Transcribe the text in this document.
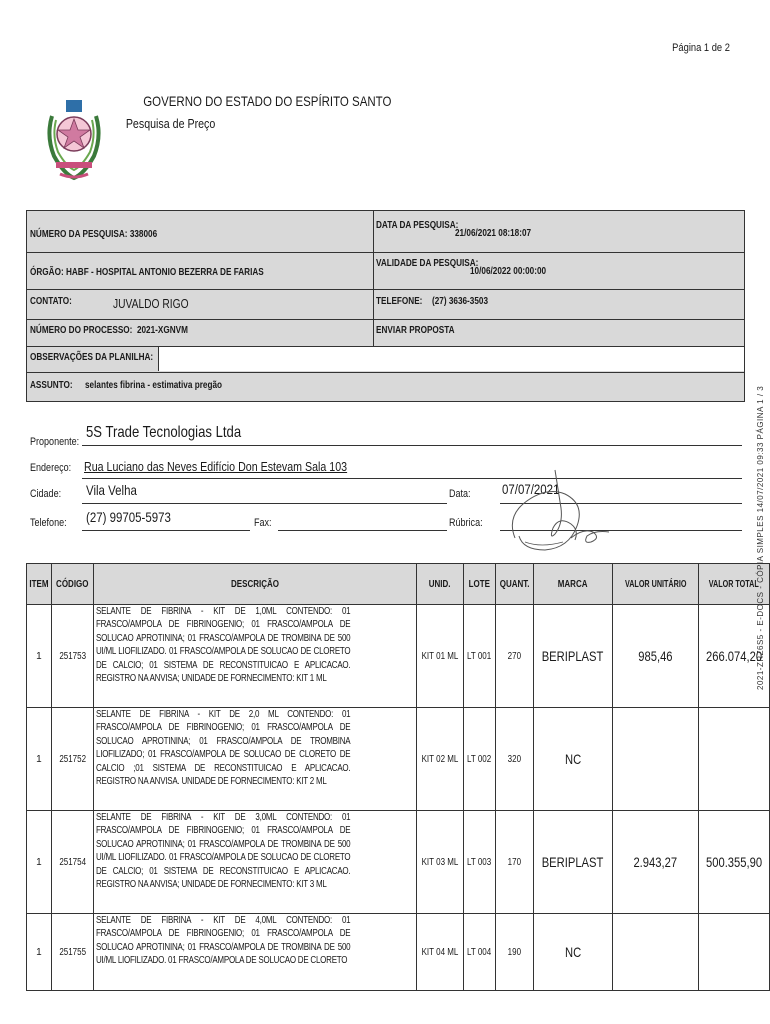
Página 1 de 2
GOVERNO DO ESTADO DO ESPÍRITO SANTO
Pesquisa de Preço
NÚMERO DA PESQUISA: 338006
DATA DA PESQUISA:
21/06/2021 08:18:07
ÓRGÃO: HABF - HOSPITAL ANTONIO BEZERRA DE FARIAS
VALIDADE DA PESQUISA:
10/06/2022 00:00:00
CONTATO:	JUVALDO RIGO	TELEFONE: (27) 3636-3503
NÚMERO DO PROCESSO: 2021-XGNVM	ENVIAR PROPOSTA
OBSERVAÇÕES DA PLANILHA:
ASSUNTO: selantes fibrina - estimativa pregão
Proponente:
5S Trade Tecnologias Ltda
Endereço: Rua Luciano das Neves Edifício Don Estevam Sala 103
Cidade: Vila Velha	Data: 07/07/2021
Telefone: (27) 99705-5973	Fax:	Rúbrica:
ITEM	CÓDIGO	DESCRIÇÃO	UNID.	LOTE	QUANT.	MARCA	VALOR UNITÁRIO	VALOR TOTAL
1	251753	SELANTE DE FIBRINA - KIT DE 1,0ML CONTENDO: 01 FRASCO/AMPOLA DE FIBRINOGENIO; 01 FRASCO/AMPOLA DE SOLUCAO APROTININA; 01 FRASCO/AMPOLA DE TROMBINA DE 500 UI/ML LIOFILIZADO. 01 FRASCO/AMPOLA DE SOLUCAO DE CLORETO DE CALCIO; 01 SISTEMA DE RECONSTITUICAO E APLICACAO. REGISTRO NA ANVISA; UNIDADE DE FORNECIMENTO: KIT 1 ML	KIT 01 ML	LT 001	270	BERIPLAST	985,46	266.074,20
1	251752	SELANTE DE FIBRINA - KIT DE 2,0 ML CONTENDO: 01 FRASCO/AMPOLA DE FIBRINOGENIO; 01 FRASCO/AMPOLA DE SOLUCAO APROTININA; 01 FRASCO/AMPOLA DE TROMBINA LIOFILIZADO; 01 FRASCO/AMPOLA DE SOLUCAO DE CLORETO DE CALCIO ;01 SISTEMA DE RECONSTITUICAO E APLICACAO. REGISTRO NA ANVISA. UNIDADE DE FORNECIMENTO: KIT 2 ML	KIT 02 ML	LT 002	320	NC		
1	251754	SELANTE DE FIBRINA - KIT DE 3,0ML CONTENDO: 01 FRASCO/AMPOLA DE FIBRINOGENIO; 01 FRASCO/AMPOLA DE SOLUCAO APROTININA; 01 FRASCO/AMPOLA DE TROMBINA DE 500 UI/ML LIOFILIZADO. 01 FRASCO/AMPOLA DE SOLUCAO DE CLORETO DE CALCIO; 01 SISTEMA DE RECONSTITUICAO E APLICACAO. REGISTRO NA ANVISA; UNIDADE DE FORNECIMENTO: KIT 3 ML	KIT 03 ML	LT 003	170	BERIPLAST	2.943,27	500.355,90
1	251755	SELANTE DE FIBRINA - KIT DE 4,0ML CONTENDO: 01 FRASCO/AMPOLA DE FIBRINOGENIO; 01 FRASCO/AMPOLA DE SOLUCAO APROTININA; 01 FRASCO/AMPOLA DE TROMBINA DE 500 UI/ML LIOFILIZADO. 01 FRASCO/AMPOLA DE SOLUCAO DE CLORETO	KIT 04 ML	LT 004	190	NC		
2021-ZRZ6S5 - E-DOCS - CÓPIA SIMPLES 14/07/2021 09:33 PÁGINA 1 / 3
